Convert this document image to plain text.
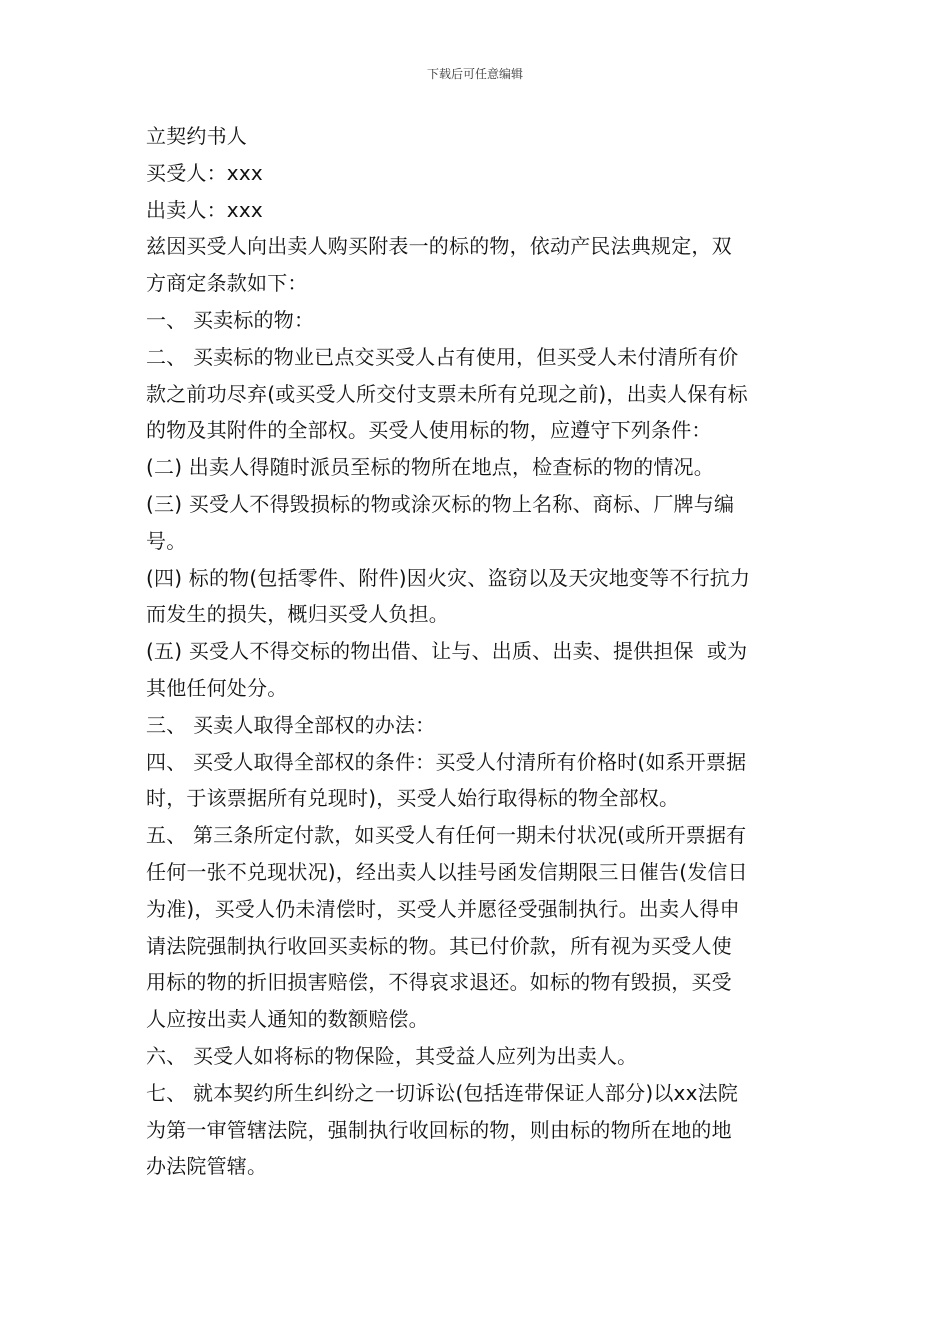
下载后可任意编辑
立契约书人
买受人：xxx
出卖人：xxx
兹因买受人向出卖人购买附表一的标的物，依动产民法典规定，双
方商定条款如下：
一、 买卖标的物：
二、 买卖标的物业已点交买受人占有使用，但买受人未付清所有价
款之前功尽弃(或买受人所交付支票未所有兑现之前)，出卖人保有标
的物及其附件的全部权。买受人使用标的物，应遵守下列条件：
(二) 出卖人得随时派员至标的物所在地点，检查标的物的情况。
(三) 买受人不得毁损标的物或涂灭标的物上名称、商标、厂牌与编
号。
(四) 标的物(包括零件、附件)因火灾、盗窃以及天灾地变等不行抗力
而发生的损失，概归买受人负担。
(五) 买受人不得交标的物出借、让与、出质、出卖、提供担保  或为
其他任何处分。
三、 买卖人取得全部权的办法：
四、 买受人取得全部权的条件：买受人付清所有价格时(如系开票据
时，于该票据所有兑现时)，买受人始行取得标的物全部权。
五、 第三条所定付款，如买受人有任何一期未付状况(或所开票据有
任何一张不兑现状况)，经出卖人以挂号函发信期限三日催告(发信日
为准)，买受人仍未清偿时，买受人并愿径受强制执行。出卖人得申
请法院强制执行收回买卖标的物。其已付价款，所有视为买受人使
用标的物的折旧损害赔偿，不得哀求退还。如标的物有毁损，买受
人应按出卖人通知的数额赔偿。
六、 买受人如将标的物保险，其受益人应列为出卖人。
七、 就本契约所生纠纷之一切诉讼(包括连带保证人部分)以xx法院
为第一审管辖法院，强制执行收回标的物，则由标的物所在地的地
办法院管辖。
